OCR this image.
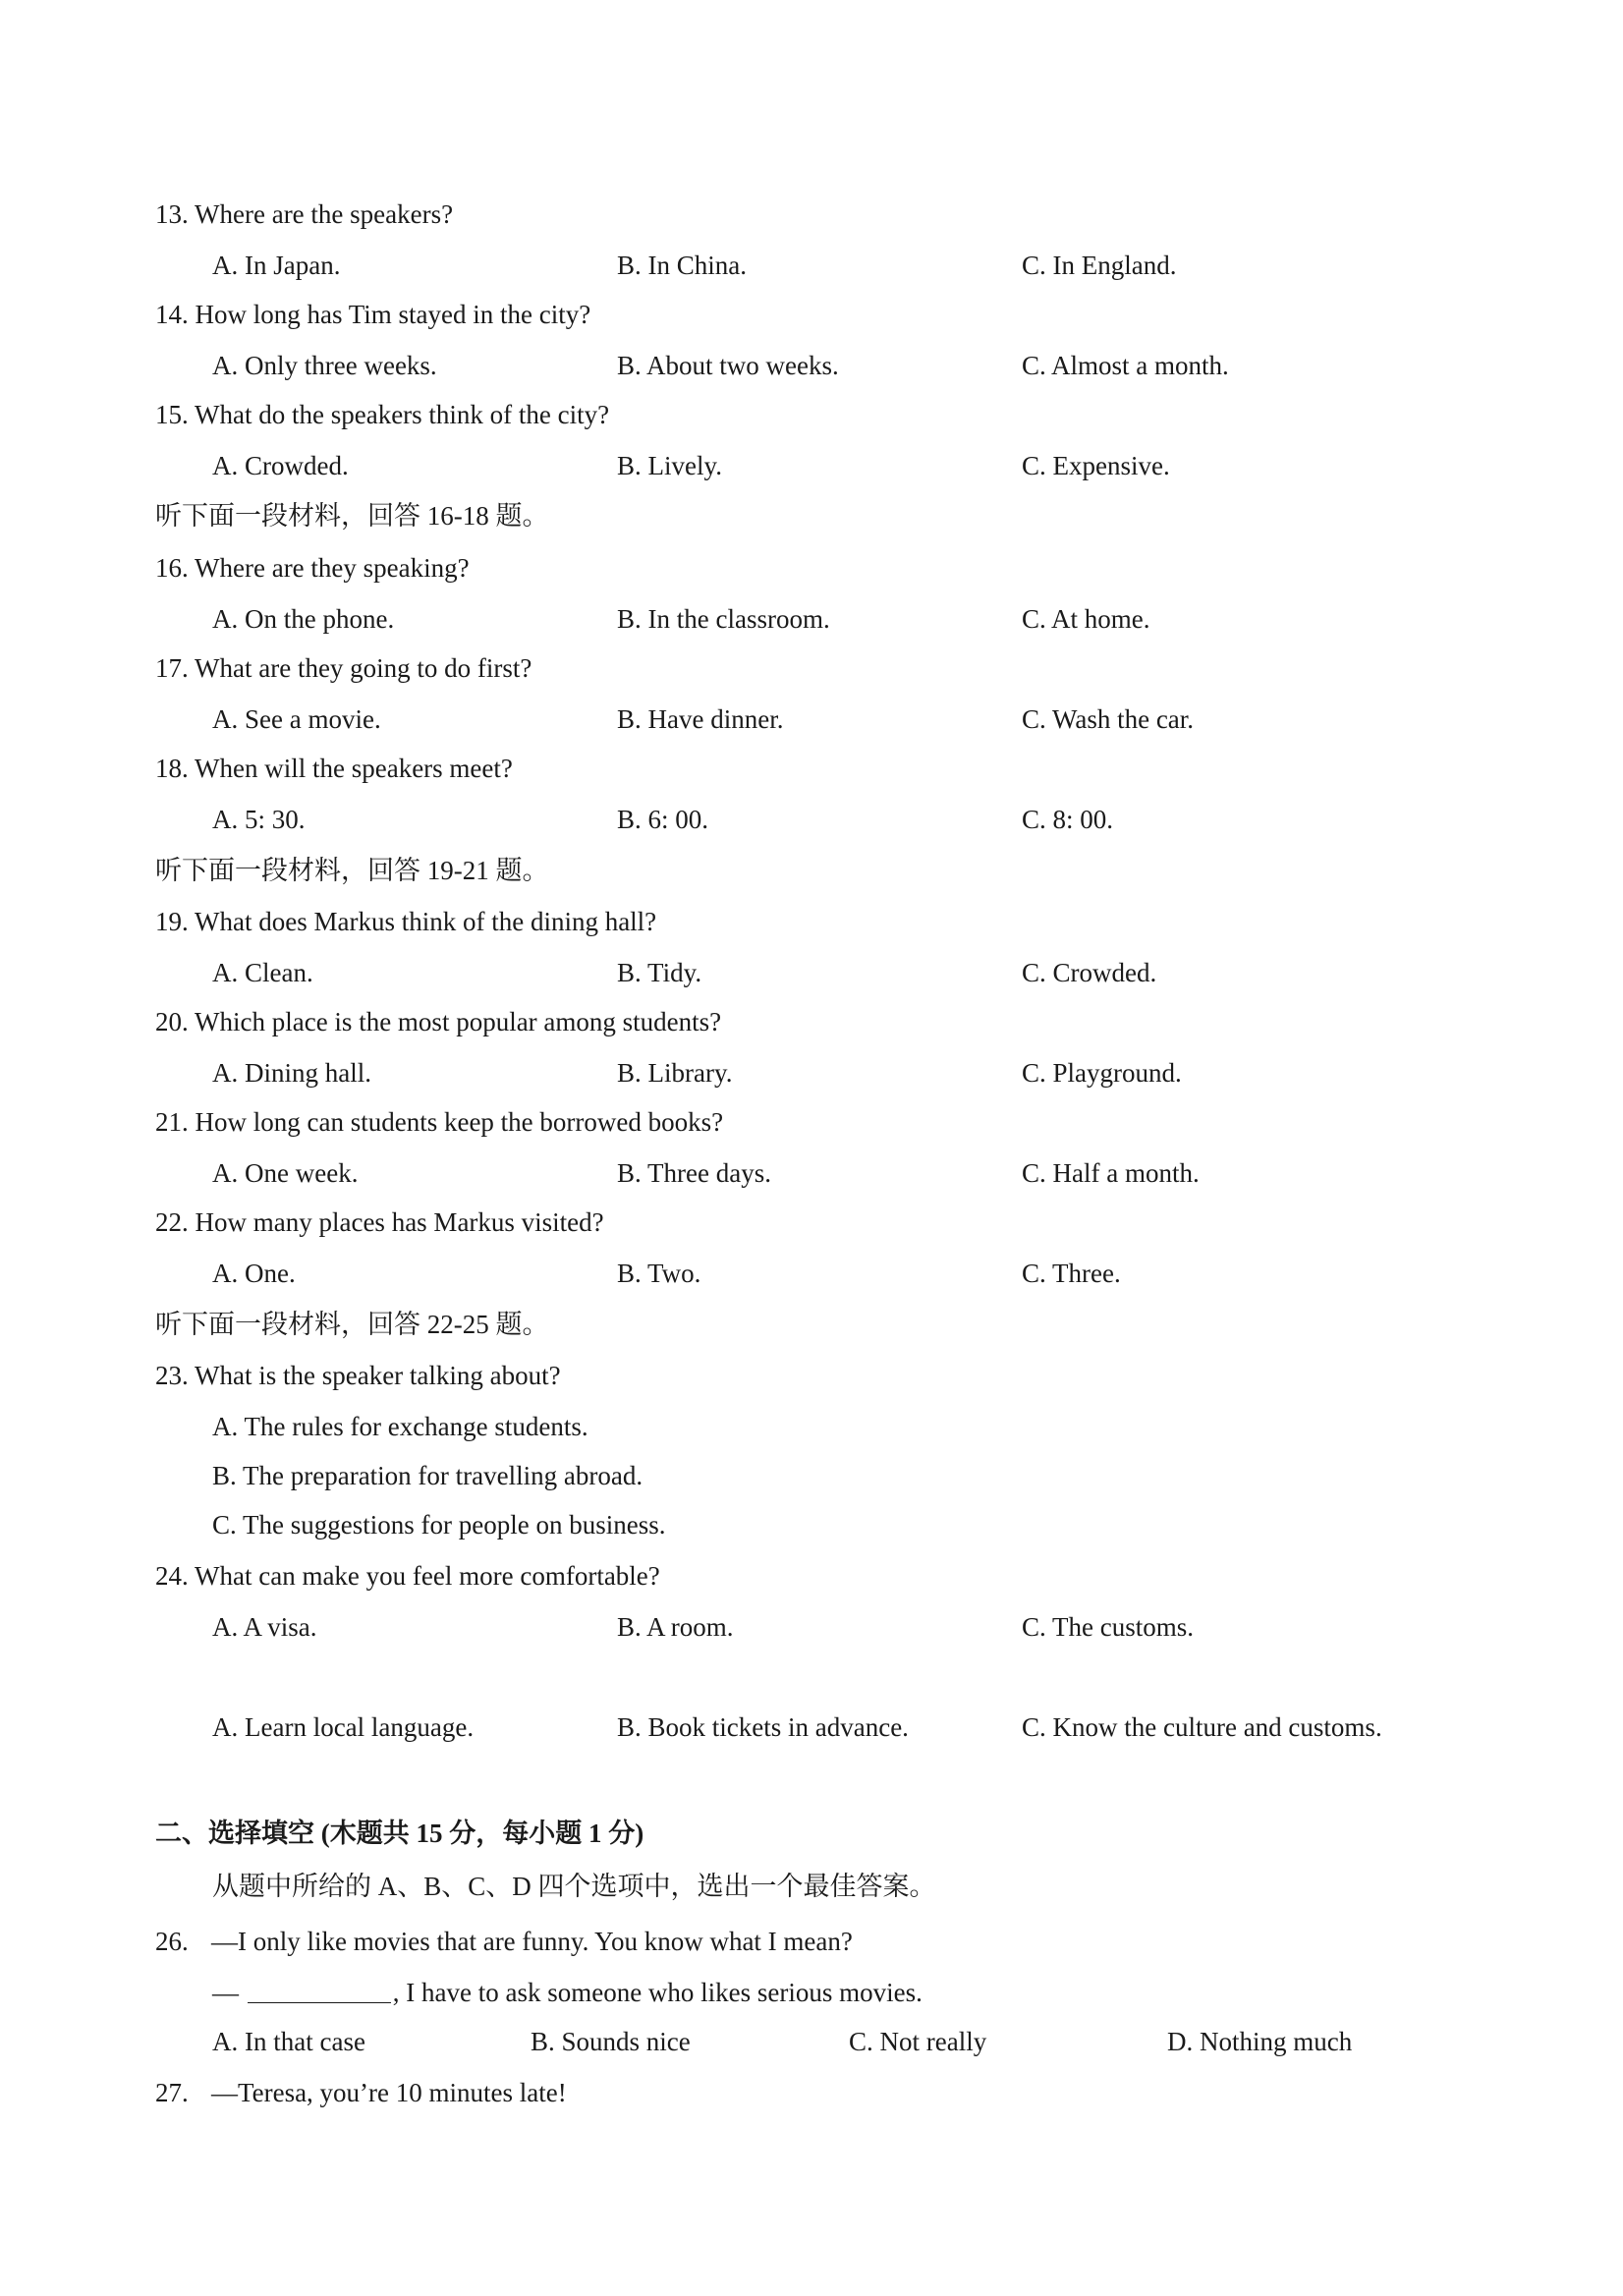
13. Where are the speakers?
A. In Japan.	B. In China.	C. In England.
14. How long has Tim stayed in the city?
A. Only three weeks.	B. About two weeks.	C. Almost a month.
15. What do the speakers think of the city?
A. Crowded.	B. Lively.	C. Expensive.
听下面一段材料，回答 16-18 题。
16. Where are they speaking?
A. On the phone.	B. In the classroom.	C. At home.
17. What are they going to do first?
A. See a movie.	B. Have dinner.	C. Wash the car.
18. When will the speakers meet?
A. 5: 30.	B. 6: 00.	C. 8: 00.
听下面一段材料，回答 19-21 题。
19. What does Markus think of the dining hall?
A. Clean.	B. Tidy.	C. Crowded.
20. Which place is the most popular among students?
A. Dining hall.	B. Library.	C. Playground.
21. How long can students keep the borrowed books?
A. One week.	B. Three days.	C. Half a month.
22. How many places has Markus visited?
A. One.	B. Two.	C. Three.
听下面一段材料，回答 22-25 题。
23. What is the speaker talking about?
A. The rules for exchange students.
B. The preparation for travelling abroad.
C. The suggestions for people on business.
24. What can make you feel more comfortable?
A. A visa.	B. A room.	C. The customs.
A. Learn local language.	B. Book tickets in advance.	C. Know the culture and customs.
二、选择填空 (木题共 15 分，每小题 1 分)
从题中所给的 A、B、C、D 四个选项中，选出一个最佳答案。
26. —I only like movies that are funny. You know what I mean?
—	, I have to ask someone who likes serious movies.
A. In that case	B. Sounds nice	C. Not really	D. Nothing much
27. —Teresa, you’re 10 minutes late!
